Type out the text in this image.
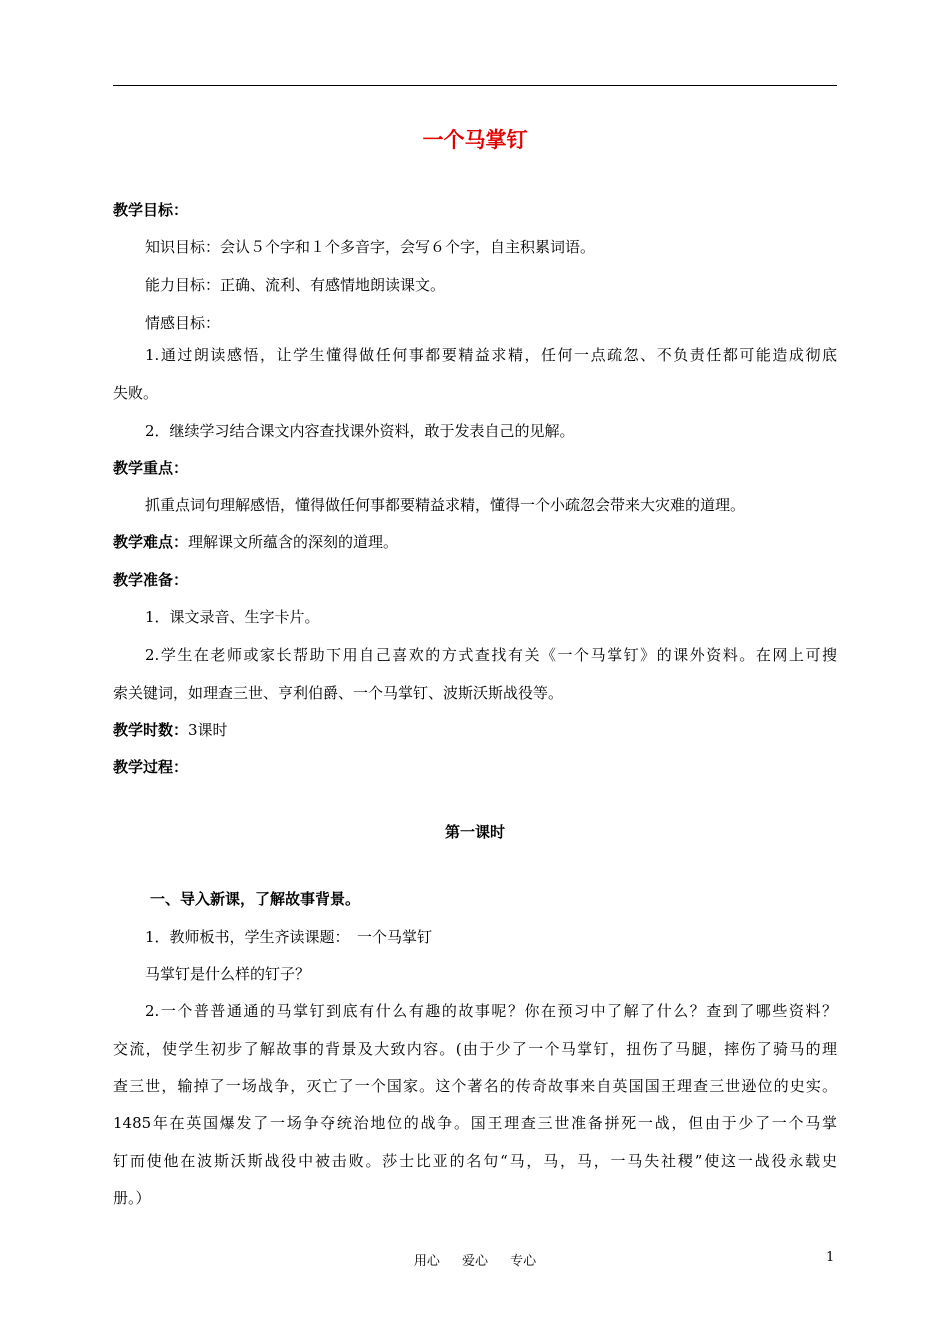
一个马掌钉
教学目标：
知识目标：会认５个字和１个多音字，会写６个字，自主积累词语。
能力目标：正确、流利、有感情地朗读课文。
情感目标：
1.通过朗读感悟，让学生懂得做任何事都要精益求精，任何一点疏忽、不负责任都可能造成彻底
失败。
2．继续学习结合课文内容查找课外资料，敢于发表自己的见解。
教学重点：
抓重点词句理解感悟，懂得做任何事都要精益求精，懂得一个小疏忽会带来大灾难的道理。
教学难点：理解课文所蕴含的深刻的道理。
教学准备：
1．课文录音、生字卡片。
2.学生在老师或家长帮助下用自己喜欢的方式查找有关《一个马掌钉》的课外资料。在网上可搜
索关键词，如理查三世、亨利伯爵、一个马掌钉、波斯沃斯战役等。
教学时数：3课时
教学过程：
第一课时
一、导入新课，了解故事背景。
1．教师板书，学生齐读课题：　一个马掌钉
马掌钉是什么样的钉子？
2.一个普普通通的马掌钉到底有什么有趣的故事呢？你在预习中了解了什么？查到了哪些资料？
交流，使学生初步了解故事的背景及大致内容。(由于少了一个马掌钉，扭伤了马腿，摔伤了骑马的理
查三世，输掉了一场战争，灭亡了一个国家。这个著名的传奇故事来自英国国王理查三世逊位的史实。
1485年在英国爆发了一场争夺统治地位的战争。国王理查三世准备拼死一战，但由于少了一个马掌
钉而使他在波斯沃斯战役中被击败。莎士比亚的名句“马，马，马，一马失社稷”使这一战役永载史
册。）
用心 爱心 专心	1
